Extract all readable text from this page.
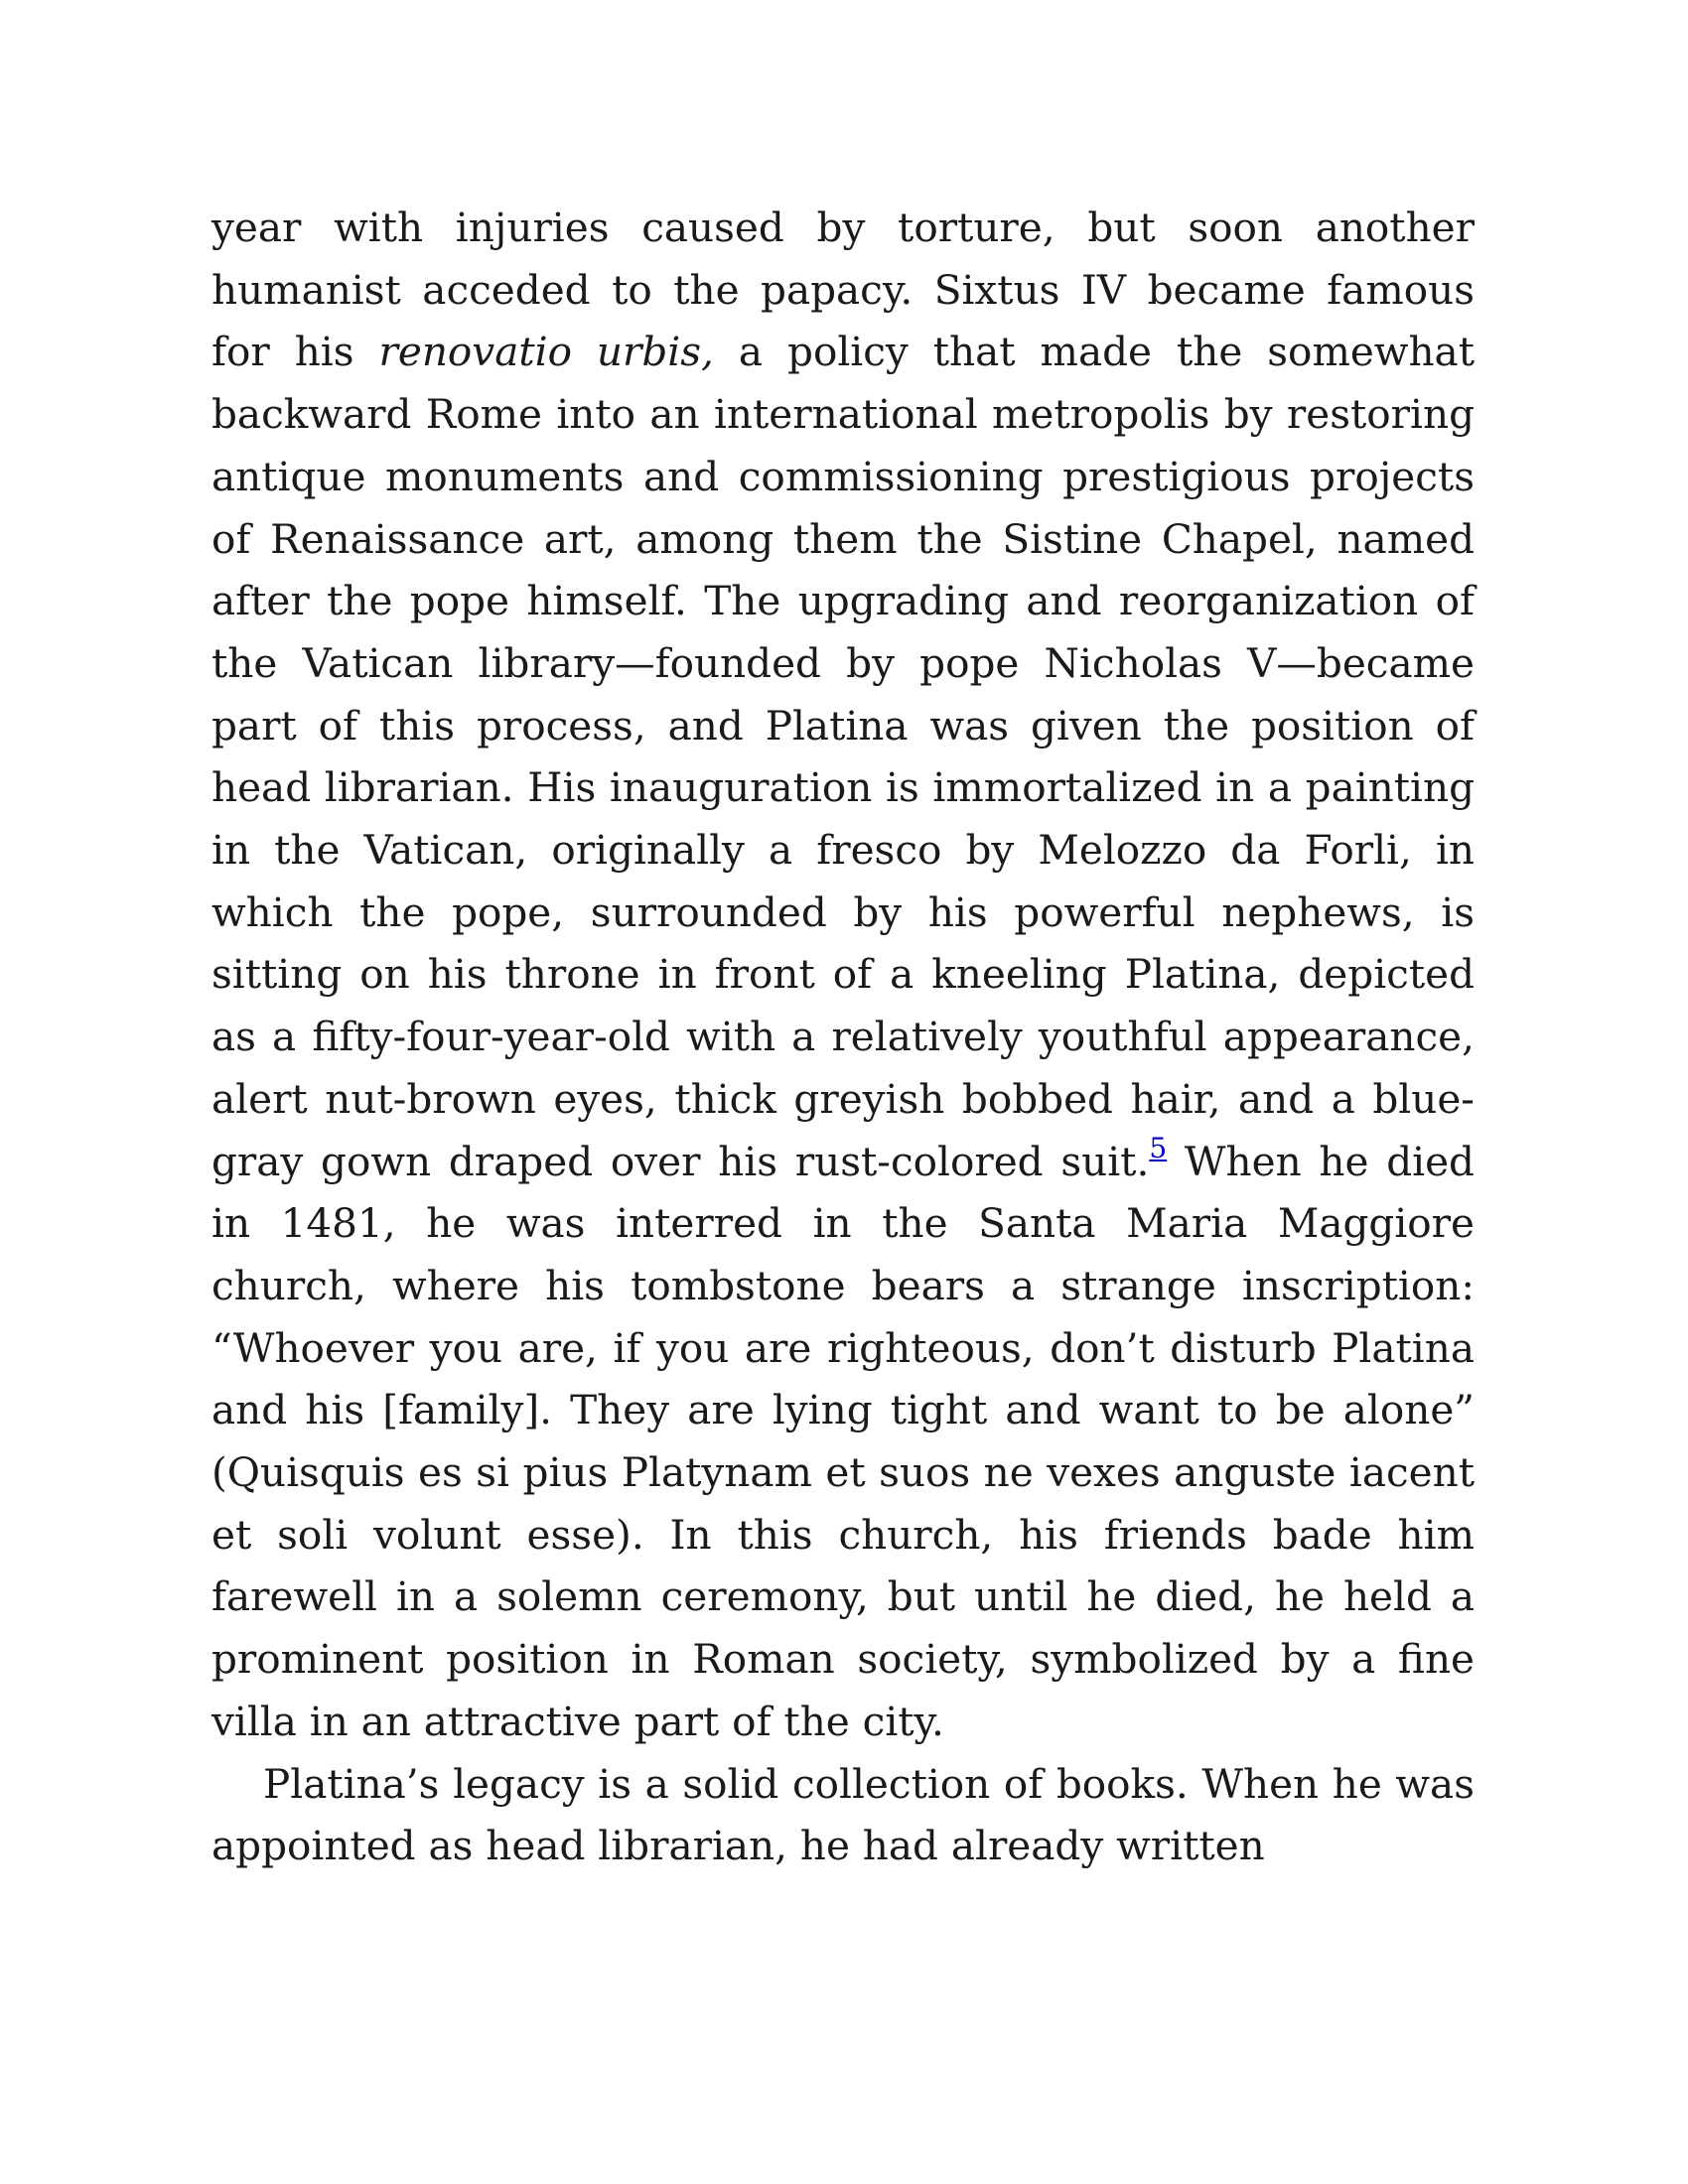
year with injuries caused by torture, but soon another humanist acceded to the papacy. Sixtus IV became famous for his renovatio urbis, a policy that made the somewhat backward Rome into an international metropolis by restoring antique monuments and commissioning prestigious projects of Renaissance art, among them the Sistine Chapel, named after the pope himself. The upgrading and reorganization of the Vatican library—founded by pope Nicholas V—became part of this process, and Platina was given the position of head librarian. His inauguration is immortalized in a painting in the Vatican, originally a fresco by Melozzo da Forli, in which the pope, surrounded by his powerful nephews, is sitting on his throne in front of a kneeling Platina, depicted as a fifty-four-year-old with a relatively youthful appearance, alert nut-brown eyes, thick greyish bobbed hair, and a blue-gray gown draped over his rust-colored suit.$^5$ When he died in 1481, he was interred in the Santa Maria Maggiore church, where his tombstone bears a strange inscription: “Whoever you are, if you are righteous, don’t disturb Platina and his [family]. They are lying tight and want to be alone” (Quisquis es si pius Platynam et suos ne vexes anguste iacent et soli volunt esse). In this church, his friends bade him farewell in a solemn ceremony, but until he died, he held a prominent position in Roman society, symbolized by a fine villa in an attractive part of the city.

Platina’s legacy is a solid collection of books. When he was appointed as head librarian, he had already written
